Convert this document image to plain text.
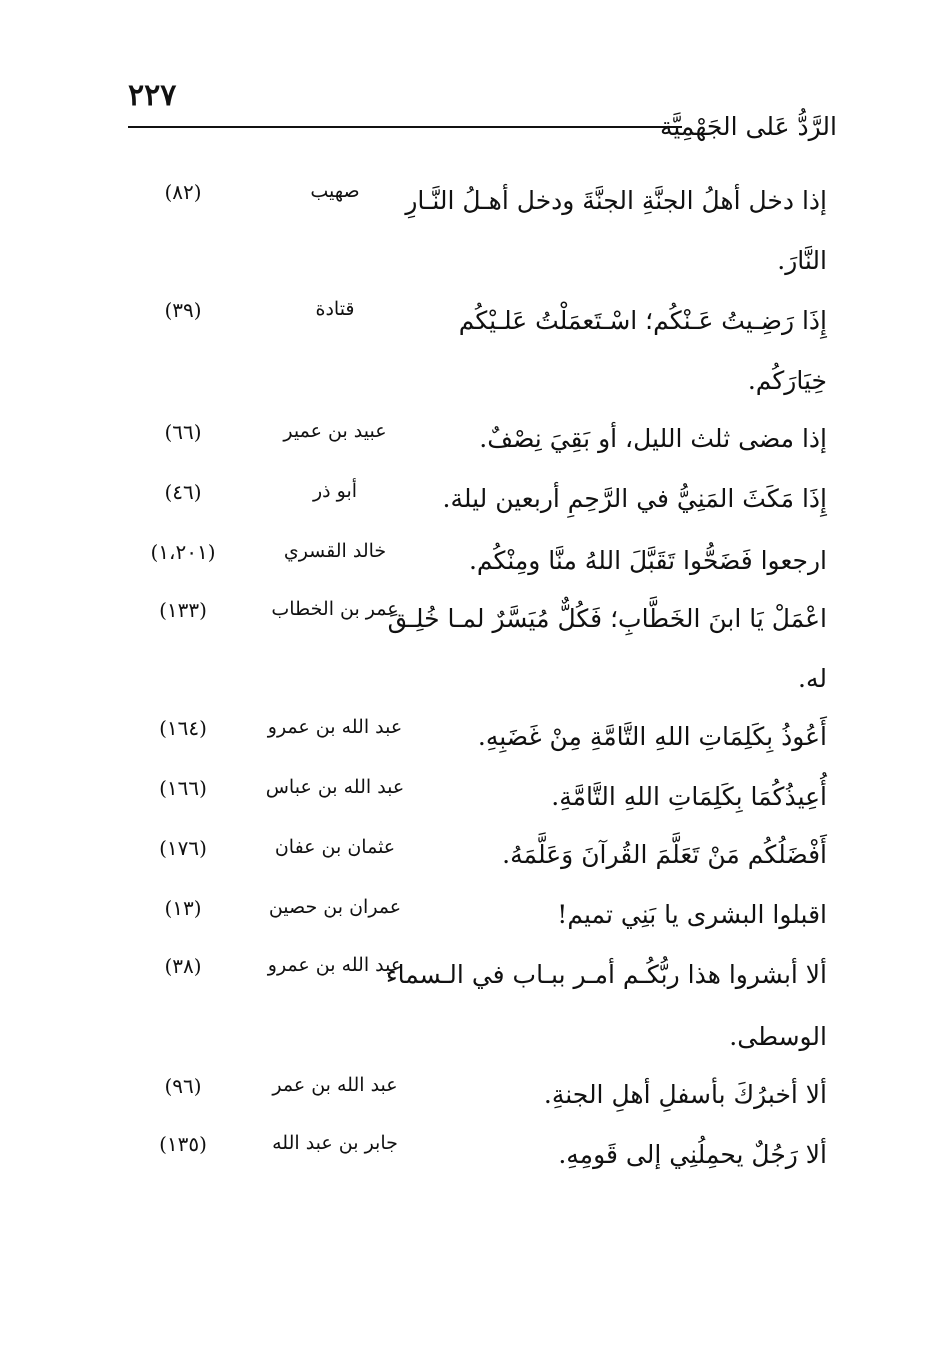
٢٢٧
الرَّدُّ عَلى الجَهْمِيَّة
إذا دخل أهلُ الجنَّةِ الجنَّةَ ودخل أهـلُ النَّـارِ
النَّارَ.
صهيب
(٨٢)
إِذَا رَضِـيتُ عَـنْكُم؛ اسْـتَعمَلْتُ عَلـيْكُم
خِيَارَكُم.
قتادة
(٣٩)
إذا مضى ثلث الليل، أو بَقِيَ نِصْفٌ.
عبيد بن عمير
(٦٦)
إِذَا مَكَثَ المَنِيُّ في الرَّحِمِ أربعين ليلة.
أبو ذر
(٤٦)
ارجعوا فَضَحُّوا تَقَبَّلَ اللهُ منَّا ومِنْكُم.
خالد القسري
(١،٢٠١)
اعْمَلْ يَا ابنَ الخَطَّابِ؛ فَكُلٌّ مُيَسَّرٌ لمـا خُلِـقَ
له.
عمر بن الخطاب
(١٣٣)
أَعُوذُ بِكَلِمَاتِ اللهِ التَّامَّةِ مِنْ غَضَبِهِ.
عبد الله بن عمرو
(١٦٤)
أُعِيذُكُمَا بِكَلِمَاتِ اللهِ التَّامَّةِ.
عبد الله بن عباس
(١٦٦)
أَفْضَلُكُم مَنْ تَعَلَّمَ القُرآنَ وَعَلَّمَهُ.
عثمان بن عفان
(١٧٦)
اقبلوا البشرى يا بَنِي تميم!
عمران بن حصين
(١٣)
ألا أبشروا هذا ربُّكُـم أمـر ببـاب في الـسماء
الوسطى.
عبد الله بن عمرو
(٣٨)
ألا أخبرُكَ بأسفلِ أهلِ الجنةِ.
عبد الله بن عمر
(٩٦)
ألا رَجُلٌ يحمِلُنِي إلى قَومِهِ.
جابر بن عبد الله
(١٣٥)
